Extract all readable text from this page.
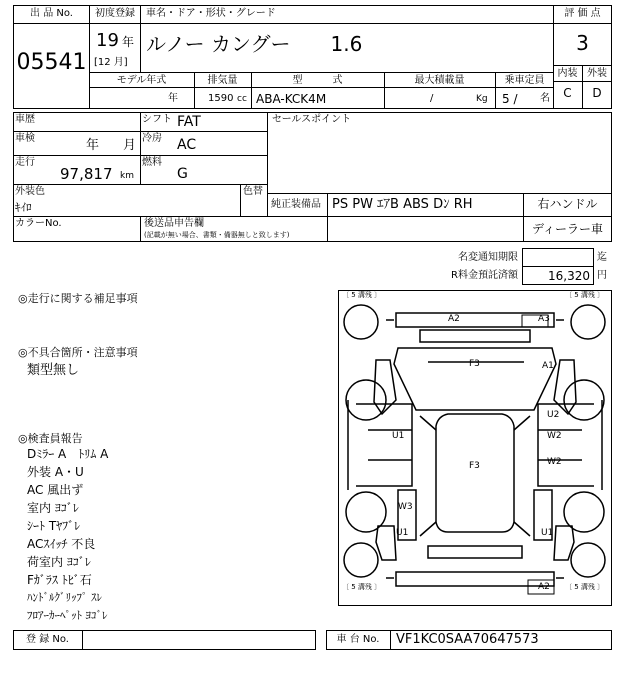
出 品 No.
05541
初度登録
19 年
[12 月]
車名・ドア・形状・グレード
ルノー カングー　　1.6
モデル年式	排気量	型　　　式	最大積載量	乗車定員
年	1590 cc ABA-KCK4M	/	Kg 5 / 名
評 価 点
3
内装 外装
C	D
車歴	シフト FAT
車検	年 月 冷房 AC
走行
97,817 km
燃料
G
外装色
ｷｲﾛ
色替
セールスポイント
純正装備品 PS PW ｴｱB ABS Dﾝ RH	右ハンドル
カラーNo.	後送品申告欄
(記載が無い場合、書類・備器無しと致します)	ディーラー車
名変通知期限	迄
R料金預託済額	16,320 円
◎走行に関する補足事項
◎不具合箇所・注意事項
類型無し
◎検査員報告
Dﾐﾗｰ A　ﾄﾘﾑ A
外装 A・U
AC 風出ず
室内 ﾖｺﾞﾚ
ｼｰﾄ Tﾔﾌﾞﾚ
ACｽｲｯﾁ 不良
荷室内 ﾖｺﾞﾚ
Fｶﾞﾗｽ ﾄﾋﾞ石
ﾊﾝﾄﾞﾙｸﾞﾘｯﾌﾟ ｽﾚ
ﾌﾛｱｰｶｰﾍﾟｯﾄ ﾖｺﾞﾚ
〔 5 溝残 〕	〔 5 溝残 〕
〔 5 溝残 〕	〔 5 溝残 〕
A2	A3
F3	A1
U2
U1	W2
W2
F3
W3
U1	U1
A2
登 録 No.	車 台 No.	VF1KC0SAA70647573
